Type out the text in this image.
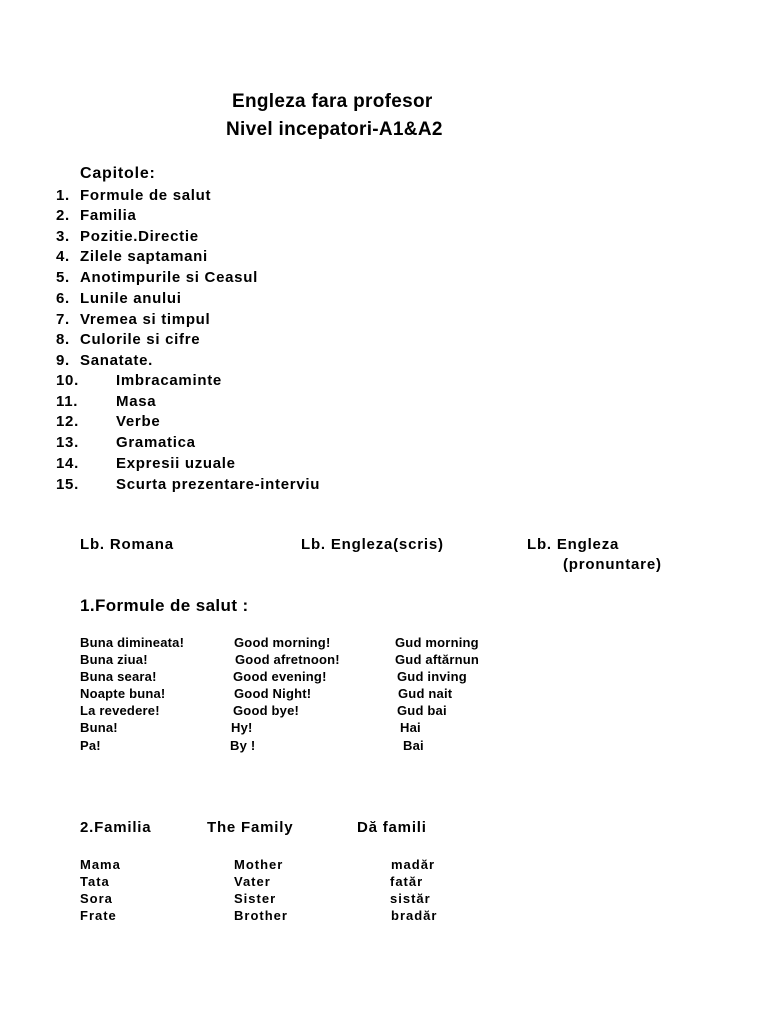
Engleza fara profesor
Nivel incepatori-A1&A2
Capitole:
1. Formule de salut
2. Familia
3. Pozitie.Directie
4. Zilele saptamani
5. Anotimpurile si Ceasul
6. Lunile anului
7. Vremea si timpul
8. Culorile si cifre
9. Sanatate.
10. Imbracaminte
11.	Masa
12. Verbe
13. Gramatica
14. Expresii uzuale
15. Scurta prezentare-interviu
Lb. Romana	Lb. Engleza(scris)	Lb. Engleza
(pronuntare)
1.Formule de salut :
Buna dimineata!	Good morning!	Gud morning
Buna ziua!	Good afretnoon!	Gud aftărnun
Buna seara!	Good evening!	Gud inving
Noapte buna!	Good Night!	Gud nait
La revedere!	Good bye!	Gud bai
Buna!	Hy!	Hai
Pa!	By !	Bai
2.Familia	The Family	Dă famili
Mama	Mother	madăr
Tata	Vater	fatăr
Sora	Sister	sistăr
Frate	Brother	bradăr
